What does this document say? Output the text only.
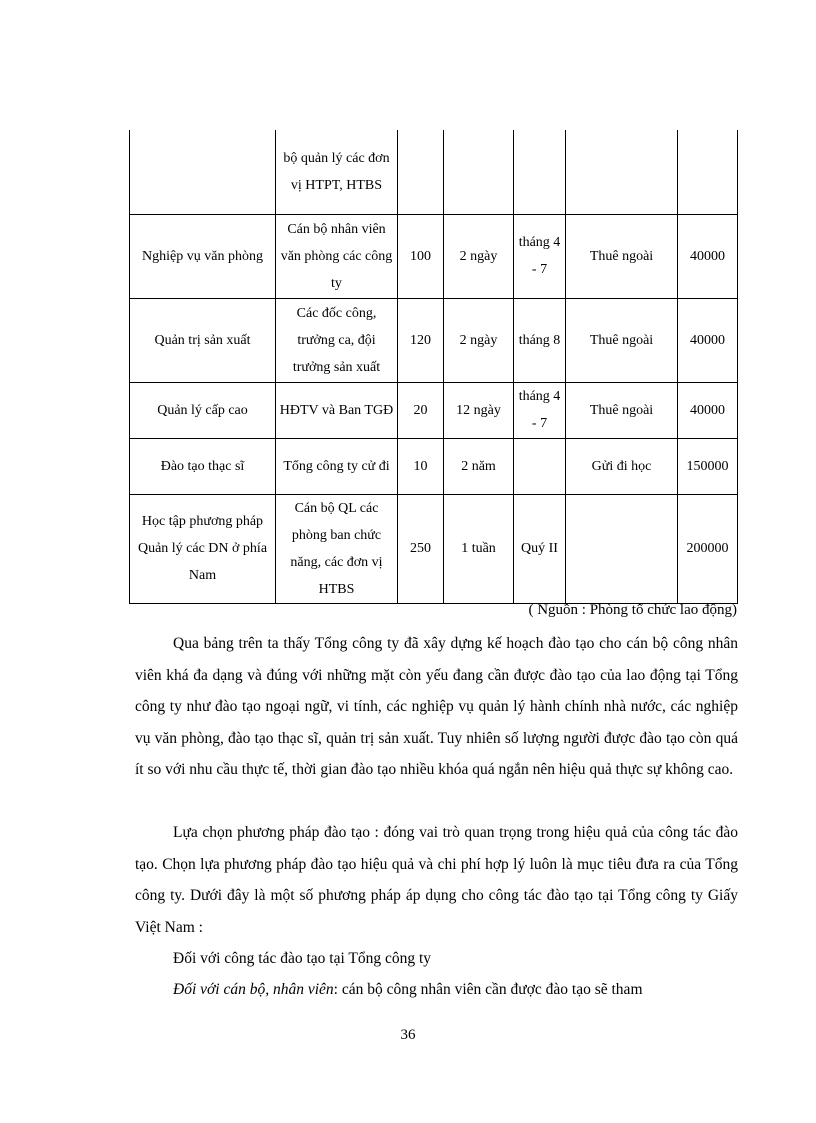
	bộ quản lý các đơn vị HTPT, HTBS					
Nghiệp vụ văn phòng	Cán bộ nhân viên văn phòng các công ty	100	2 ngày	tháng 4 - 7	Thuê ngoài	40000
Quản trị sản xuất	Các đốc công, trưởng ca, đội trưởng sản xuất	120	2 ngày	tháng 8	Thuê ngoài	40000
Quản lý cấp cao	HĐTV và Ban TGĐ	20	12 ngày	tháng 4 - 7	Thuê ngoài	40000
Đào tạo thạc sĩ	Tổng công ty cử đi	10	2 năm		Gửi đi học	150000
Học tập phương pháp Quản lý các DN ở phía Nam	Cán bộ QL các phòng ban chức năng, các đơn vị HTBS	250	1 tuần	Quý II		200000
( Nguồn : Phòng tổ chức lao động)

Qua bảng trên ta thấy Tổng công ty đã xây dựng kế hoạch đào tạo cho cán bộ công nhân viên khá đa dạng và đúng với những mặt còn yếu đang cần được đào tạo của lao động tại Tổng công ty như đào tạo ngoại ngữ, vi tính, các nghiệp vụ quản lý hành chính nhà nước, các nghiệp vụ văn phòng, đào tạo thạc sĩ, quản trị sản xuất. Tuy nhiên số lượng người được đào tạo còn quá ít so với nhu cầu thực tế, thời gian đào tạo nhiều khóa quá ngắn nên hiệu quả thực sự không cao.

Lựa chọn phương pháp đào tạo : đóng vai trò quan trọng trong hiệu quả của công tác đào tạo. Chọn lựa phương pháp đào tạo hiệu quả và chi phí hợp lý luôn là mục tiêu đưa ra của Tổng công ty. Dưới đây là một số phương pháp áp dụng cho công tác đào tạo tại Tổng công ty Giấy Việt Nam :

Đối với công tác đào tạo tại Tổng công ty

Đối với cán bộ, nhân viên: cán bộ công nhân viên cần được đào tạo sẽ tham

36
